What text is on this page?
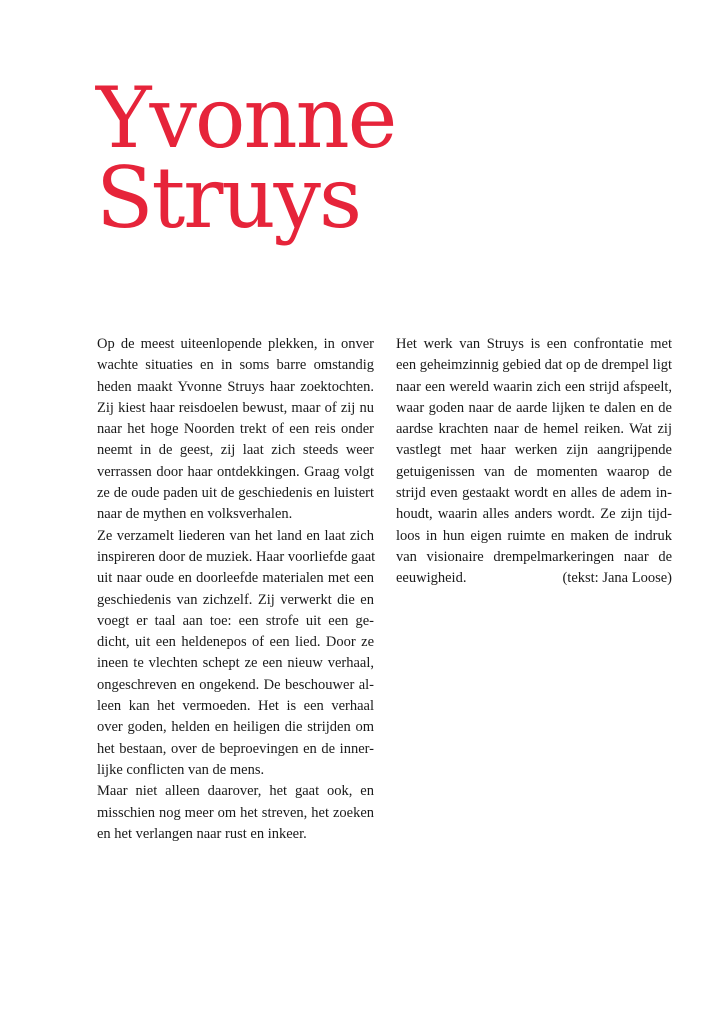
Yvonne
Struys
Op de meest uiteenlopende plekken, in onver
wachte situaties en in soms barre omstandig
heden maakt Yvonne Struys haar zoektochten.
Zij kiest haar reisdoelen bewust, maar of zij nu
naar het hoge Noorden trekt of een reis onder
neemt in de geest, zij laat zich steeds weer
verrassen door haar ontdekkingen. Graag volgt
ze de oude paden uit de geschiedenis en luistert
naar de mythen en volksverhalen.
Ze verzamelt liederen van het land en laat zich
inspireren door de muziek. Haar voorliefde gaat
uit naar oude en doorleefde materialen met een
geschiedenis van zichzelf. Zij verwerkt die en
voegt er taal aan toe: een strofe uit een ge-
dicht, uit een heldenepos of een lied. Door ze
ineen te vlechten schept ze een nieuw verhaal,
ongeschreven en ongekend. De beschouwer al-
leen kan het vermoeden. Het is een verhaal
over goden, helden en heiligen die strijden om
het bestaan, over de beproevingen en de inner-
lijke conflicten van de mens.
Maar niet alleen daarover, het gaat ook, en
misschien nog meer om het streven, het zoeken
en het verlangen naar rust en inkeer.
Het werk van Struys is een confrontatie met
een geheimzinnig gebied dat op de drempel ligt
naar een wereld waarin zich een strijd afspeelt,
waar goden naar de aarde lijken te dalen en de
aardse krachten naar de hemel reiken. Wat zij
vastlegt met haar werken zijn aangrijpende
getuigenissen van de momenten waarop de
strijd even gestaakt wordt en alles de adem in-
houdt, waarin alles anders wordt. Ze zijn tijd-
loos in hun eigen ruimte en maken de indruk
van visionaire drempelmarkeringen naar de
eeuwigheid.	(tekst: Jana Loose)
